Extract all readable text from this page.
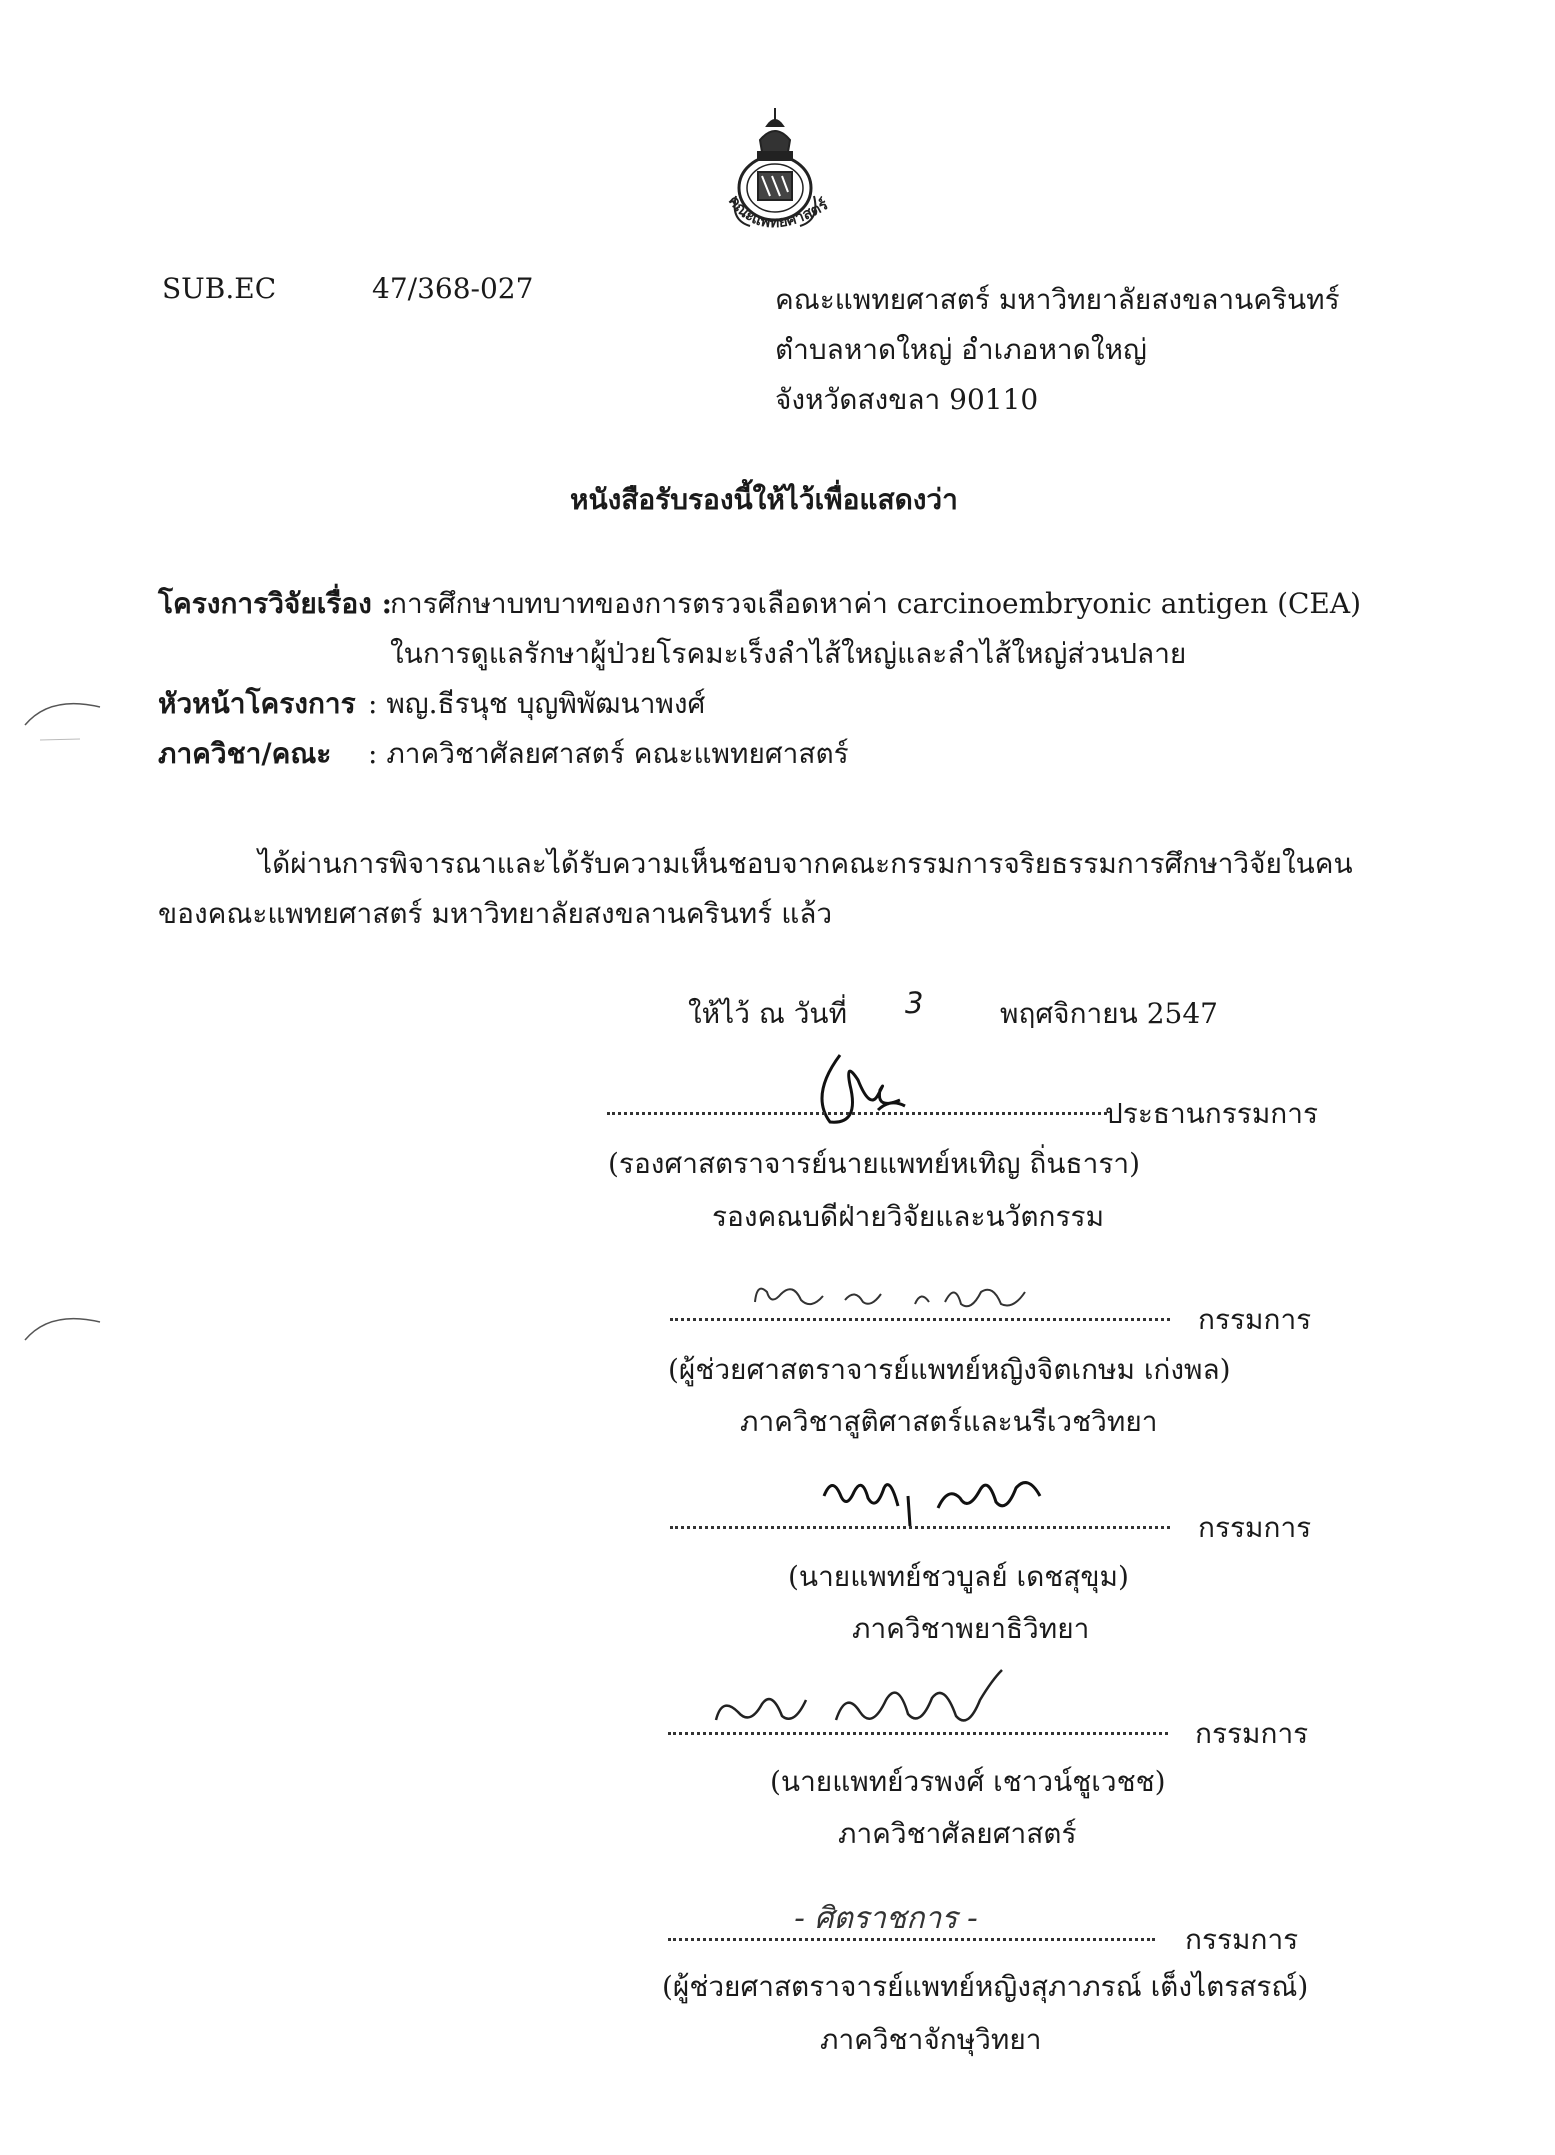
คณะแพทยศาสตร์
SUB.EC	47/368-027	คณะแพทยศาสตร์ มหาวิทยาลัยสงขลานครินทร์
ตำบลหาดใหญ่ อำเภอหาดใหญ่
จังหวัดสงขลา 90110
หนังสือรับรองนี้ให้ไว้เพื่อแสดงว่า
โครงการวิจัยเรื่อง :
การศึกษาบทบาทของการตรวจเลือดหาค่า carcinoembryonic antigen (CEA)
ในการดูแลรักษาผู้ป่วยโรคมะเร็งลำไส้ใหญ่และลำไส้ใหญ่ส่วนปลาย
หัวหน้าโครงการ : พญ.ธีรนุช บุญพิพัฒนาพงศ์
ภาควิชา/คณะ : ภาควิชาศัลยศาสตร์ คณะแพทยศาสตร์
ได้ผ่านการพิจารณาและได้รับความเห็นชอบจากคณะกรรมการจริยธรรมการศึกษาวิจัยในคน
ของคณะแพทยศาสตร์ มหาวิทยาลัยสงขลานครินทร์ แล้ว
ให้ไว้ ณ วันที่ 3	พฤศจิกายน 2547
ประธานกรรมการ
(รองศาสตราจารย์นายแพทย์หเทิญ ถิ่นธารา)
รองคณบดีฝ่ายวิจัยและนวัตกรรม
กรรมการ
(ผู้ช่วยศาสตราจารย์แพทย์หญิงจิตเกษม เก่งพล)
ภาควิชาสูติศาสตร์และนรีเวชวิทยา
กรรมการ
(นายแพทย์ชวบูลย์ เดชสุขุม)
ภาควิชาพยาธิวิทยา
กรรมการ
(นายแพทย์วรพงศ์ เชาวน์ชูเวชช)
ภาควิชาศัลยศาสตร์
- ศิตราชการ -
กรรมการ
(ผู้ช่วยศาสตราจารย์แพทย์หญิงสุภาภรณ์ เต็งไตรสรณ์)
ภาควิชาจักษุวิทยา
